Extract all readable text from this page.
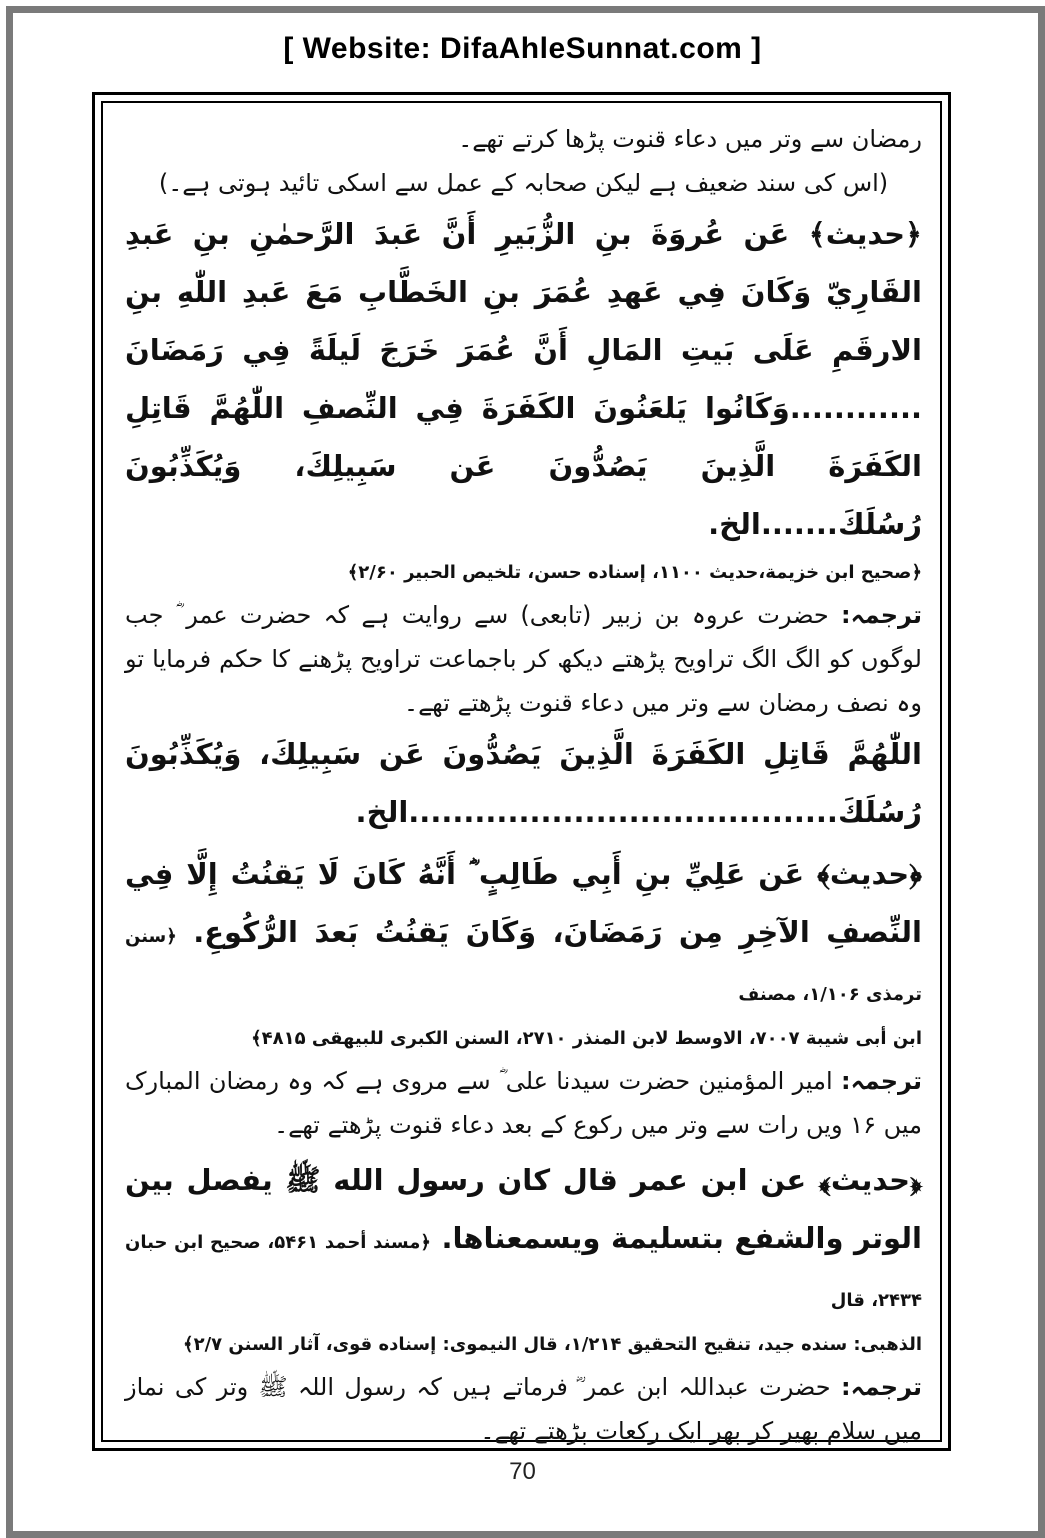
[ Website: DifaAhleSunnat.com ]

رمضان سے وتر میں دعاء قنوت پڑھا کرتے تھے۔

(اس کی سند ضعیف ہے لیکن صحابہ کے عمل سے اسکی تائید ہوتی ہے۔)

﴿حدیث﴾ عَن عُروَةَ بنِ الزُّبَيرِ أَنَّ عَبدَ الرَّحمٰنِ بنِ عَبدِ القَارِيّ وَكَانَ فِي عَهدِ عُمَرَ بنِ الخَطَّابِ مَعَ عَبدِ اللّٰهِ بنِ الارقَمِ عَلَى بَيتِ المَالِ أَنَّ عُمَرَ خَرَجَ لَيلَةً فِي رَمَضَانَ ............وَكَانُوا يَلعَنُونَ الكَفَرَةَ فِي النِّصفِ اللّٰهُمَّ قَاتِلِ الكَفَرَةَ الَّذِينَ يَصُدُّونَ عَن سَبِيلِكَ، وَيُكَذِّبُونَ رُسُلَكَ.......الخ.

﴿صحیح ابن خزیمة،حدیث ۱۱۰۰، إسناده حسن، تلخیص الحبیر ۲/۶۰﴾

ترجمہ: حضرت عروہ بن زبیر (تابعی) سے روایت ہے کہ حضرت عمر ؓ جب لوگوں کو الگ الگ تراویح پڑھتے دیکھ کر باجماعت تراویح پڑھنے کا حکم فرمایا تو وہ نصف رمضان سے وتر میں دعاء قنوت پڑھتے تھے۔

اللّٰهُمَّ قَاتِلِ الكَفَرَةَ الَّذِينَ يَصُدُّونَ عَن سَبِيلِكَ، وَيُكَذِّبُونَ رُسُلَكَ.......................................الخ.

﴿حدیث﴾ عَن عَلِيِّ بنِ أَبِي طَالِبٍ ؓ أَنَّهُ كَانَ لَا يَقنُتُ إِلَّا فِي النِّصفِ الآخِرِ مِن رَمَضَانَ، وَكَانَ يَقنُتُ بَعدَ الرُّكُوعِ. ﴿سنن ترمذی ۱/۱۰۶، مصنف

ابن أبی شیبة ۷۰۰۷، الاوسط لابن المنذر ۲۷۱۰، السنن الکبری للبیهقی ۴۸۱۵﴾

ترجمہ: امیر المؤمنین حضرت سیدنا علی ؓ سے مروی ہے کہ وہ رمضان المبارک میں ۱۶ ویں رات سے وتر میں رکوع کے بعد دعاء قنوت پڑھتے تھے۔

﴿حدیث﴾ عن ابن عمر قال كان رسول الله ﷺ يفصل بين الوتر والشفع بتسليمة ويسمعناها. ﴿مسند أحمد ۵۴۶۱، صحیح ابن حبان ۲۴۳۴، قال

الذهبی: سنده جید، تنقیح التحقیق ۱/۲۱۴، قال النیموی: إسناده قوی، آثار السنن ۲/۷﴾

ترجمہ: حضرت عبداللہ ابن عمر ؓ فرماتے ہیں کہ رسول اللہ ﷺ وتر کی نماز میں سلام پھیر کر پھر ایک رکعات پڑھتے تھے۔

70
